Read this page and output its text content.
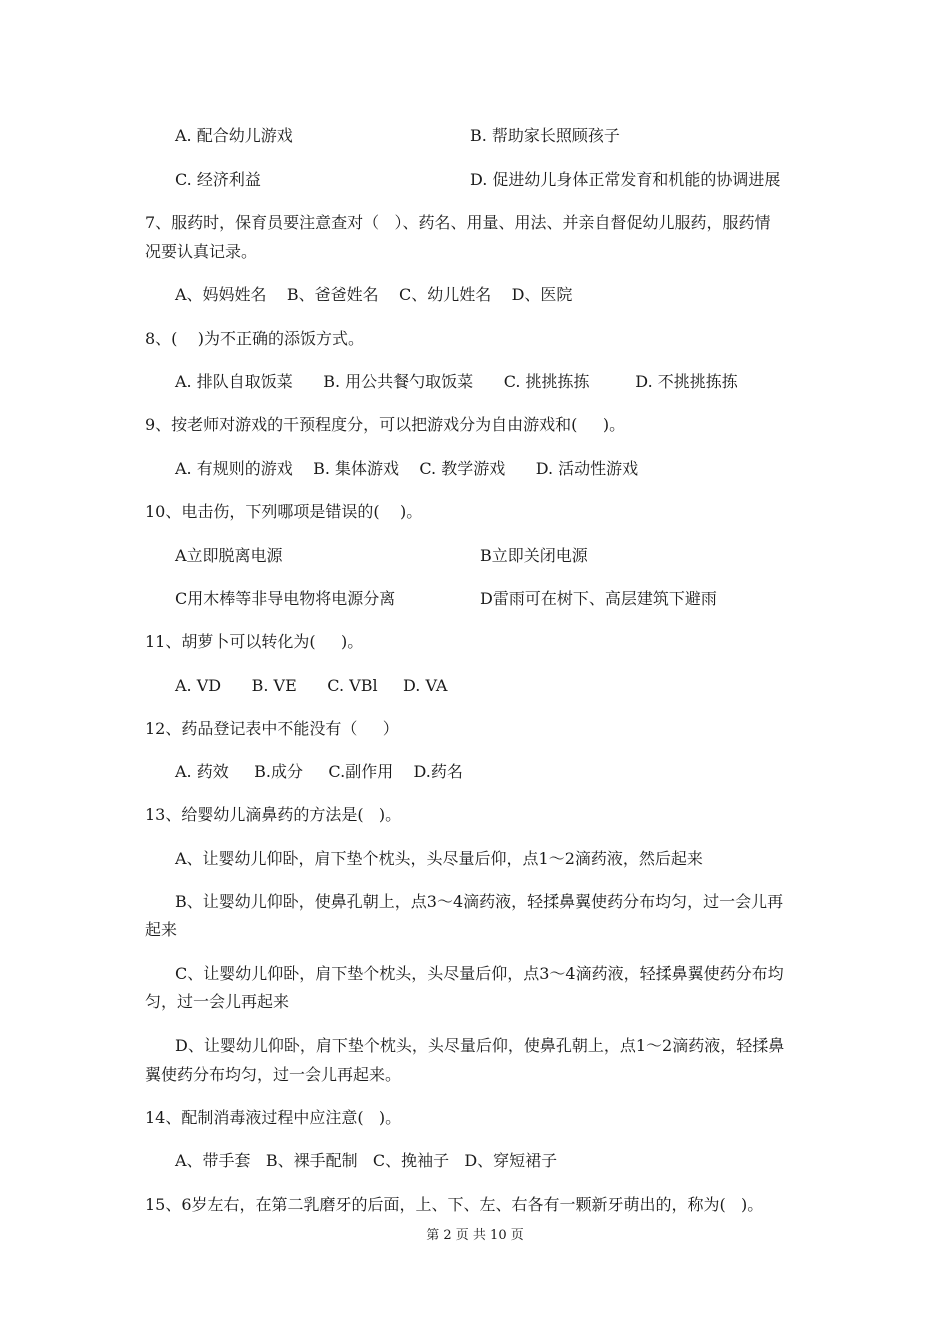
A. 配合幼儿游戏	B. 帮助家长照顾孩子
C. 经济利益	D. 促进幼儿身体正常发育和机能的协调进展
7、服药时，保育员要注意查对（   ）、药名、用量、用法、并亲自督促幼儿服药，服药情
况要认真记录。
A、妈妈姓名    B、爸爸姓名    C、幼儿姓名    D、医院
8、(    )为不正确的添饭方式。
A. 排队自取饭菜      B. 用公共餐勺取饭菜      C. 挑挑拣拣         D. 不挑挑拣拣
9、按老师对游戏的干预程度分，可以把游戏分为自由游戏和(     )。
A. 有规则的游戏    B. 集体游戏    C. 教学游戏      D. 活动性游戏
10、电击伤，下列哪项是错误的(    )。
A立即脱离电源	B立即关闭电源
C用木棒等非导电物将电源分离	D雷雨可在树下、高层建筑下避雨
11、胡萝卜可以转化为(     )。
A. VD      B. VE      C. VBl     D. VA
12、药品登记表中不能没有（     ）
A. 药效     B.成分     C.副作用    D.药名
13、给婴幼儿滴鼻药的方法是(   )。
A、让婴幼儿仰卧，肩下垫个枕头，头尽量后仰，点1～2滴药液，然后起来
B、让婴幼儿仰卧，使鼻孔朝上，点3～4滴药液，轻揉鼻翼使药分布均匀，过一会儿再
起来
C、让婴幼儿仰卧，肩下垫个枕头，头尽量后仰，点3～4滴药液，轻揉鼻翼使药分布均
匀，过一会儿再起来
D、让婴幼儿仰卧，肩下垫个枕头，头尽量后仰，使鼻孔朝上，点1～2滴药液，轻揉鼻
翼使药分布均匀，过一会儿再起来。
14、配制消毒液过程中应注意(   )。
A、带手套   B、裸手配制   C、挽袖子   D、穿短裙子
15、6岁左右，在第二乳磨牙的后面，上、下、左、右各有一颗新牙萌出的，称为(   )。
第 2 页 共 10 页
